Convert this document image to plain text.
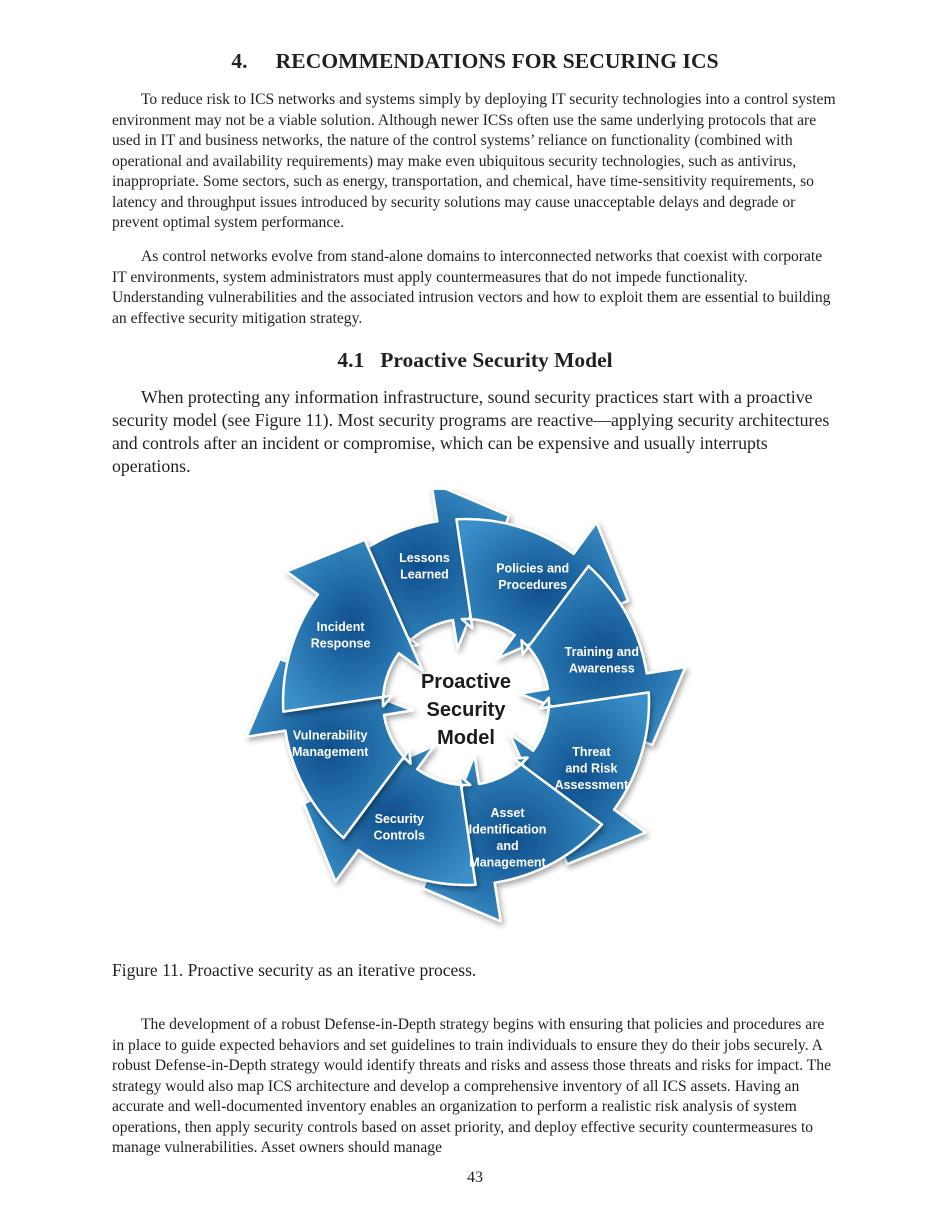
4. RECOMMENDATIONS FOR SECURING ICS

To reduce risk to ICS networks and systems simply by deploying IT security technologies into a control system environment may not be a viable solution. Although newer ICSs often use the same underlying protocols that are used in IT and business networks, the nature of the control systems’ reliance on functionality (combined with operational and availability requirements) may make even ubiquitous security technologies, such as antivirus, inappropriate. Some sectors, such as energy, transportation, and chemical, have time-sensitivity requirements, so latency and throughput issues introduced by security solutions may cause unacceptable delays and degrade or prevent optimal system performance.

As control networks evolve from stand-alone domains to interconnected networks that coexist with corporate IT environments, system administrators must apply countermeasures that do not impede functionality. Understanding vulnerabilities and the associated intrusion vectors and how to exploit them are essential to building an effective security mitigation strategy.

4.1 Proactive Security Model

When protecting any information infrastructure, sound security practices start with a proactive security model (see Figure 11). Most security programs are reactive—applying security architectures and controls after an incident or compromise, which can be expensive and usually interrupts operations.

Lessons Learned	Policies and Procedures
Training and Awareness
Threat and Risk Assessment
Asset Identification and Management
Security Controls
Vulnerability Management
Incident Response
Proactive
Security
Model
Figure 11. Proactive security as an iterative process.

The development of a robust Defense-in-Depth strategy begins with ensuring that policies and procedures are in place to guide expected behaviors and set guidelines to train individuals to ensure they do their jobs securely. A robust Defense-in-Depth strategy would identify threats and risks and assess those threats and risks for impact. The strategy would also map ICS architecture and develop a comprehensive inventory of all ICS assets. Having an accurate and well-documented inventory enables an organization to perform a realistic risk analysis of system operations, then apply security controls based on asset priority, and deploy effective security countermeasures to manage vulnerabilities. Asset owners should manage

43
